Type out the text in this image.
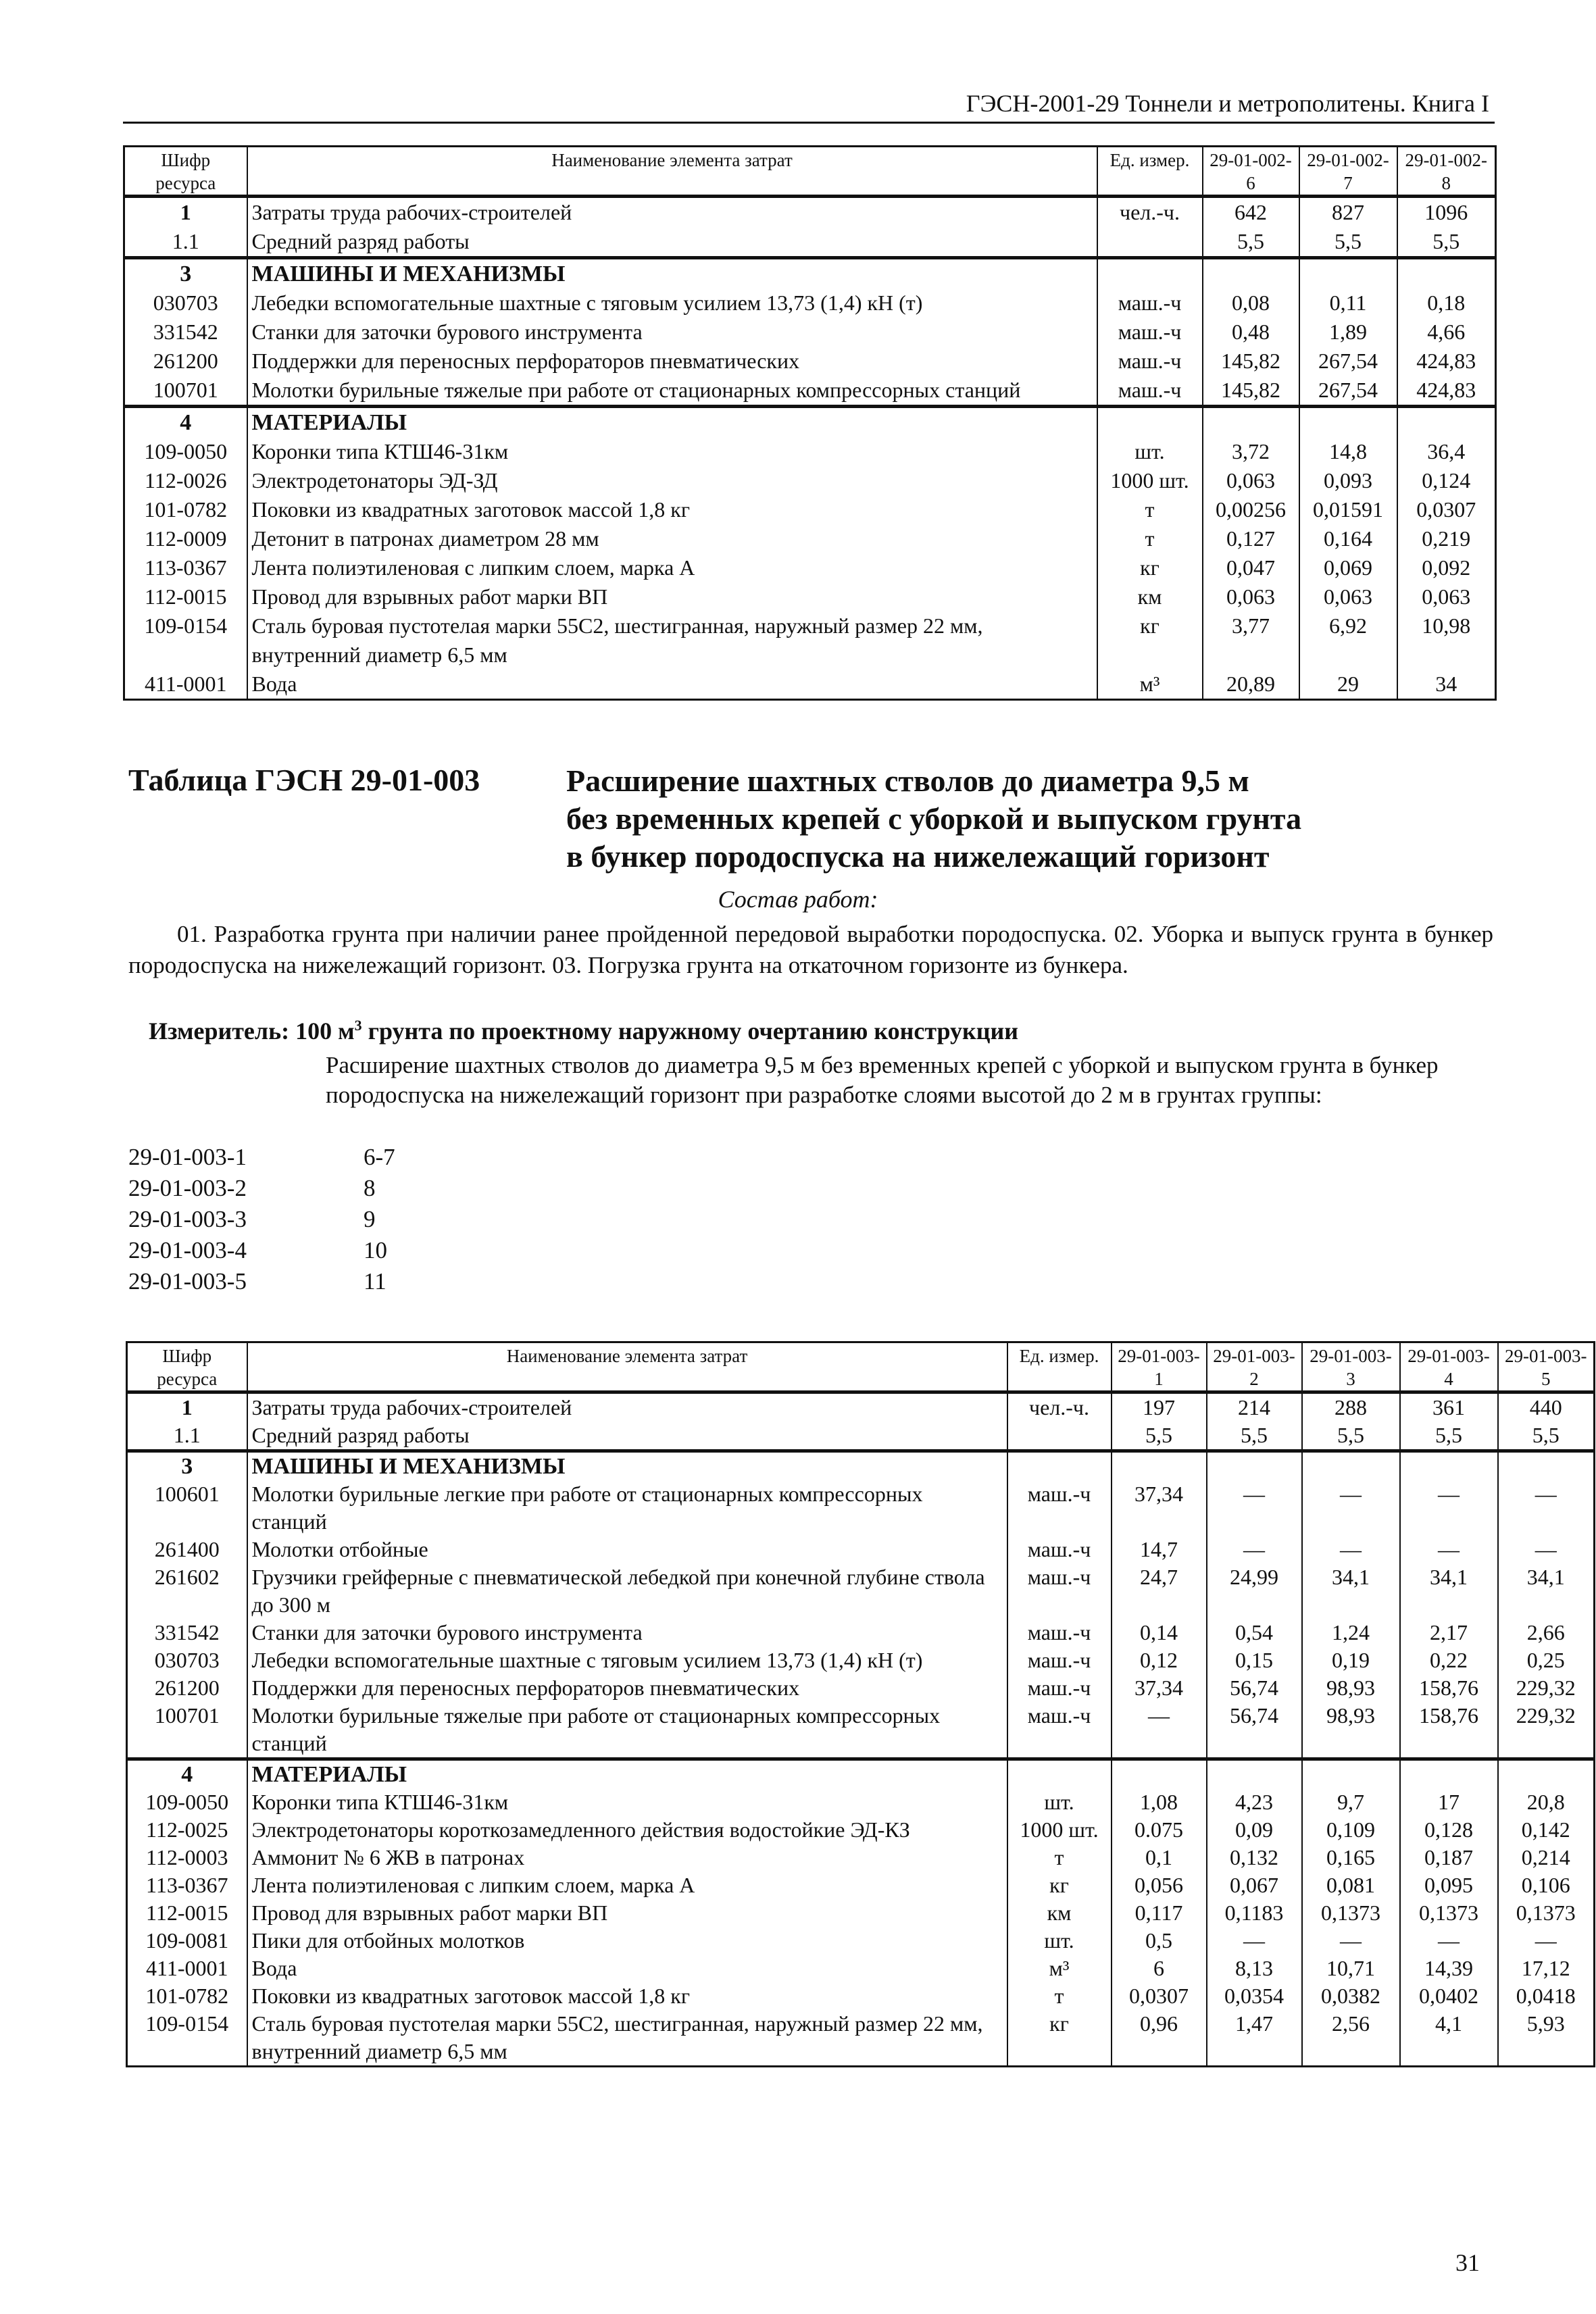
ГЭСН-2001-29 Тоннели и метрополитены. Книга I
Шифр ресурса	Наименование элемента затрат	Ед. измер.	29-01-002-6	29-01-002-7	29-01-002-8
1	Затраты труда рабочих-строителей	чел.-ч.	642	827	1096
1.1	Средний разряд работы		5,5	5,5	5,5
3	МАШИНЫ И МЕХАНИЗМЫ				
030703	Лебедки вспомогательные шахтные с тяговым усилием 13,73 (1,4) кН (т)	маш.-ч	0,08	0,11	0,18
331542	Станки для заточки бурового инструмента	маш.-ч	0,48	1,89	4,66
261200	Поддержки для переносных перфораторов пневматических	маш.-ч	145,82	267,54	424,83
100701	Молотки бурильные тяжелые при работе от стационарных компрессорных станций	маш.-ч	145,82	267,54	424,83
4	МАТЕРИАЛЫ				
109-0050	Коронки типа КТШ46-31км	шт.	3,72	14,8	36,4
112-0026	Электродетонаторы ЭД-ЗД	1000 шт.	0,063	0,093	0,124
101-0782	Поковки из квадратных заготовок массой 1,8 кг	т	0,00256	0,01591	0,0307
112-0009	Детонит в патронах диаметром 28 мм	т	0,127	0,164	0,219
113-0367	Лента полиэтиленовая с липким слоем, марка А	кг	0,047	0,069	0,092
112-0015	Провод для взрывных работ марки ВП	км	0,063	0,063	0,063
109-0154	Сталь буровая пустотелая марки 55С2, шестигранная, наружный размер 22 мм, внутренний диаметр 6,5 мм	кг	3,77	6,92	10,98
411-0001	Вода	м³	20,89	29	34
Таблица ГЭСН 29-01-003	Расширение шахтных стволов до диаметра 9,5 м
без временных крепей с уборкой и выпуском грунта
в бункер породоспуска на нижележащий горизонт
Состав работ:
01. Разработка грунта при наличии ранее пройденной передовой выработки породоспуска. 02. Уборка и выпуск грунта в бункер породоспуска на нижележащий горизонт. 03. Погрузка грунта на откаточном горизонте из бункера.
Измеритель: 100 $м^3$ грунта по проектному наружному очертанию конструкции
Расширение шахтных стволов до диаметра 9,5 м без временных крепей с уборкой и выпуском грунта в бункер породоспуска на нижележащий горизонт при разработке слоями высотой до 2 м в грунтах группы:
29-01-003-1	6-7
29-01-003-2	8
29-01-003-3	9
29-01-003-4	10
29-01-003-5	11
Шифр ресурса	Наименование элемента затрат	Ед. измер.	29-01-003-1	29-01-003-2	29-01-003-3	29-01-003-4	29-01-003-5
1	Затраты труда рабочих-строителей	чел.-ч.	197	214	288	361	440
1.1	Средний разряд работы		5,5	5,5	5,5	5,5	5,5
3	МАШИНЫ И МЕХАНИЗМЫ						
100601	Молотки бурильные легкие при работе от стационарных компрессорных станций	маш.-ч	37,34	—	—	—	—
261400	Молотки отбойные	маш.-ч	14,7	—	—	—	—
261602	Грузчики грейферные с пневматической лебедкой при конечной глубине ствола до 300 м	маш.-ч	24,7	24,99	34,1	34,1	34,1
331542	Станки для заточки бурового инструмента	маш.-ч	0,14	0,54	1,24	2,17	2,66
030703	Лебедки вспомогательные шахтные с тяговым усилием 13,73 (1,4) кН (т)	маш.-ч	0,12	0,15	0,19	0,22	0,25
261200	Поддержки для переносных перфораторов пневматических	маш.-ч	37,34	56,74	98,93	158,76	229,32
100701	Молотки бурильные тяжелые при работе от стационарных компрессорных станций	маш.-ч	—	56,74	98,93	158,76	229,32
4	МАТЕРИАЛЫ						
109-0050	Коронки типа КТШ46-31км	шт.	1,08	4,23	9,7	17	20,8
112-0025	Электродетонаторы короткозамедленного действия водостойкие ЭД-КЗ	1000 шт.	0.075	0,09	0,109	0,128	0,142
112-0003	Аммонит № 6 ЖВ в патронах	т	0,1	0,132	0,165	0,187	0,214
113-0367	Лента полиэтиленовая с липким слоем, марка А	кг	0,056	0,067	0,081	0,095	0,106
112-0015	Провод для взрывных работ марки ВП	км	0,117	0,1183	0,1373	0,1373	0,1373
109-0081	Пики для отбойных молотков	шт.	0,5	—	—	—	—
411-0001	Вода	м³	6	8,13	10,71	14,39	17,12
101-0782	Поковки из квадратных заготовок массой 1,8 кг	т	0,0307	0,0354	0,0382	0,0402	0,0418
109-0154	Сталь буровая пустотелая марки 55С2, шестигранная, наружный размер 22 мм, внутренний диаметр 6,5 мм	кг	0,96	1,47	2,56	4,1	5,93
31
